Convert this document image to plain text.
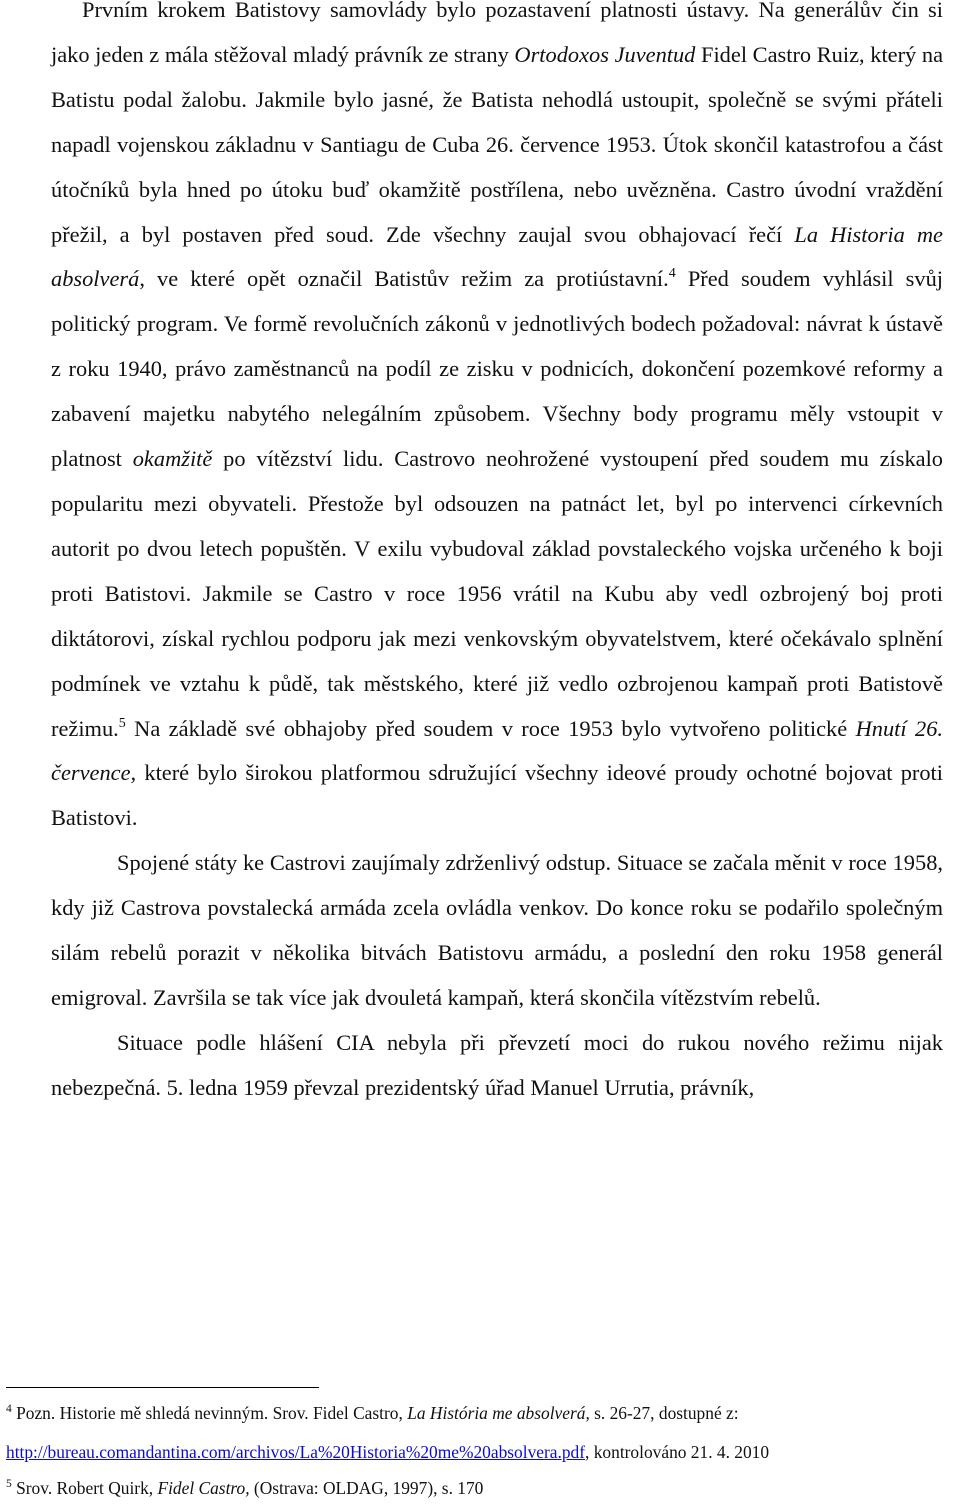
Prvním krokem Batistovy samovlády bylo pozastavení platnosti ústavy. Na generálův čin si jako jeden z mála stěžoval mladý právník ze strany Ortodoxos Juventud Fidel Castro Ruiz, který na Batistu podal žalobu. Jakmile bylo jasné, že Batista nehodlá ustoupit, společně se svými přáteli napadl vojenskou základnu v Santiagu de Cuba 26. července 1953. Útok skončil katastrofou a část útočníků byla hned po útoku buď okamžitě postřílena, nebo uvězněna. Castro úvodní vraždění přežil, a byl postaven před soud. Zde všechny zaujal svou obhajovací řečí La Historia me absolverá, ve které opět označil Batistův režim za protiústavní.$^4$ Před soudem vyhlásil svůj politický program. Ve formě revolučních zákonů v jednotlivých bodech požadoval: návrat k ústavě z roku 1940, právo zaměstnanců na podíl ze zisku v podnicích, dokončení pozemkové reformy a zabavení majetku nabytého nelegálním způsobem. Všechny body programu měly vstoupit v platnost okamžitě po vítězství lidu. Castrovo neohrožené vystoupení před soudem mu získalo popularitu mezi obyvateli. Přestože byl odsouzen na patnáct let, byl po intervenci církevních autorit po dvou letech popuštěn. V exilu vybudoval základ povstaleckého vojska určeného k boji proti Batistovi. Jakmile se Castro v roce 1956 vrátil na Kubu aby vedl ozbrojený boj proti diktátorovi, získal rychlou podporu jak mezi venkovským obyvatelstvem, které očekávalo splnění podmínek ve vztahu k půdě, tak městského, které již vedlo ozbrojenou kampaň proti Batistově režimu.$^5$ Na základě své obhajoby před soudem v roce 1953 bylo vytvořeno politické Hnutí 26. července, které bylo širokou platformou sdružující všechny ideové proudy ochotné bojovat proti Batistovi.

Spojené státy ke Castrovi zaujímaly zdrženlivý odstup. Situace se začala měnit v roce 1958, kdy již Castrova povstalecká armáda zcela ovládla venkov. Do konce roku se podařilo společným silám rebelů porazit v několika bitvách Batistovu armádu, a poslední den roku 1958 generál emigroval. Završila se tak více jak dvouletá kampaň, která skončila vítězstvím rebelů.

Situace podle hlášení CIA nebyla při převzetí moci do rukou nového režimu nijak nebezpečná. 5. ledna 1959 převzal prezidentský úřad Manuel Urrutia, právník,

$^4$ Pozn. Historie mě shledá nevinným. Srov. Fidel Castro, La História me absolverá, s. 26-27, dostupné z:
http://bureau.comandantina.com/archivos/La%20Historia%20me%20absolvera.pdf, kontrolováno 21. 4. 2010
$^5$ Srov. Robert Quirk, Fidel Castro, (Ostrava: OLDAG, 1997), s. 170
